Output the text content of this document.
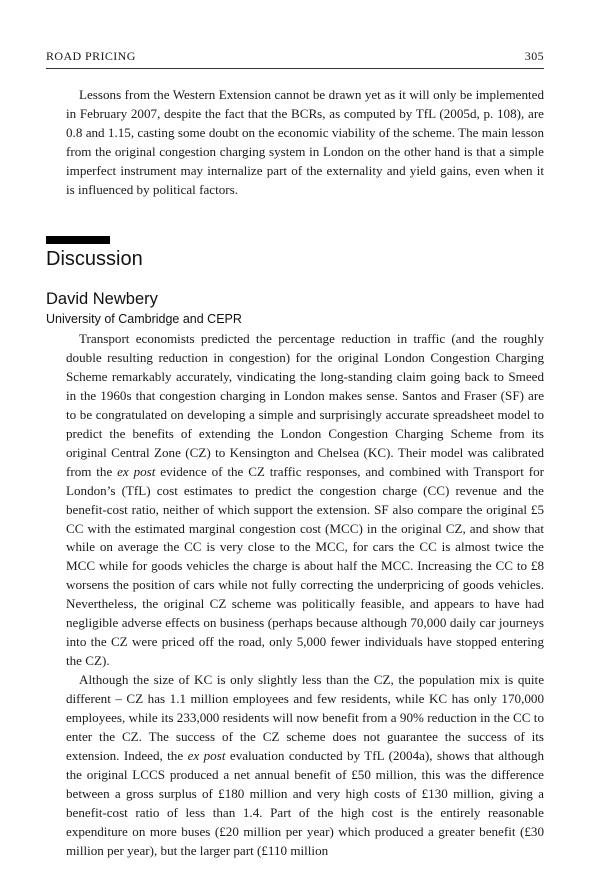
ROAD PRICING	305

Lessons from the Western Extension cannot be drawn yet as it will only be implemented in February 2007, despite the fact that the BCRs, as computed by TfL (2005d, p. 108), are 0.8 and 1.15, casting some doubt on the economic viability of the scheme. The main lesson from the original congestion charging system in London on the other hand is that a simple imperfect instrument may internalize part of the externality and yield gains, even when it is influenced by political factors.

Discussion
David Newbery
University of Cambridge and CEPR

Transport economists predicted the percentage reduction in traffic (and the roughly double resulting reduction in congestion) for the original London Congestion Charging Scheme remarkably accurately, vindicating the long-standing claim going back to Smeed in the 1960s that congestion charging in London makes sense. Santos and Fraser (SF) are to be congratulated on developing a simple and surprisingly accurate spreadsheet model to predict the benefits of extending the London Congestion Charging Scheme from its original Central Zone (CZ) to Kensington and Chelsea (KC). Their model was calibrated from the ex post evidence of the CZ traffic responses, and combined with Transport for London’s (TfL) cost estimates to predict the congestion charge (CC) revenue and the benefit-cost ratio, neither of which support the extension. SF also compare the original £5 CC with the estimated marginal congestion cost (MCC) in the original CZ, and show that while on average the CC is very close to the MCC, for cars the CC is almost twice the MCC while for goods vehicles the charge is about half the MCC. Increasing the CC to £8 worsens the position of cars while not fully correcting the underpricing of goods vehicles. Nevertheless, the original CZ scheme was politically feasible, and appears to have had negligible adverse effects on business (perhaps because although 70,000 daily car journeys into the CZ were priced off the road, only 5,000 fewer individuals have stopped entering the CZ).

Although the size of KC is only slightly less than the CZ, the population mix is quite different – CZ has 1.1 million employees and few residents, while KC has only 170,000 employees, while its 233,000 residents will now benefit from a 90% reduction in the CC to enter the CZ. The success of the CZ scheme does not guarantee the success of its extension. Indeed, the ex post evaluation conducted by TfL (2004a), shows that although the original LCCS produced a net annual benefit of £50 million, this was the difference between a gross surplus of £180 million and very high costs of £130 million, giving a benefit-cost ratio of less than 1.4. Part of the high cost is the entirely reasonable expenditure on more buses (£20 million per year) which produced a greater benefit (£30 million per year), but the larger part (£110 million
